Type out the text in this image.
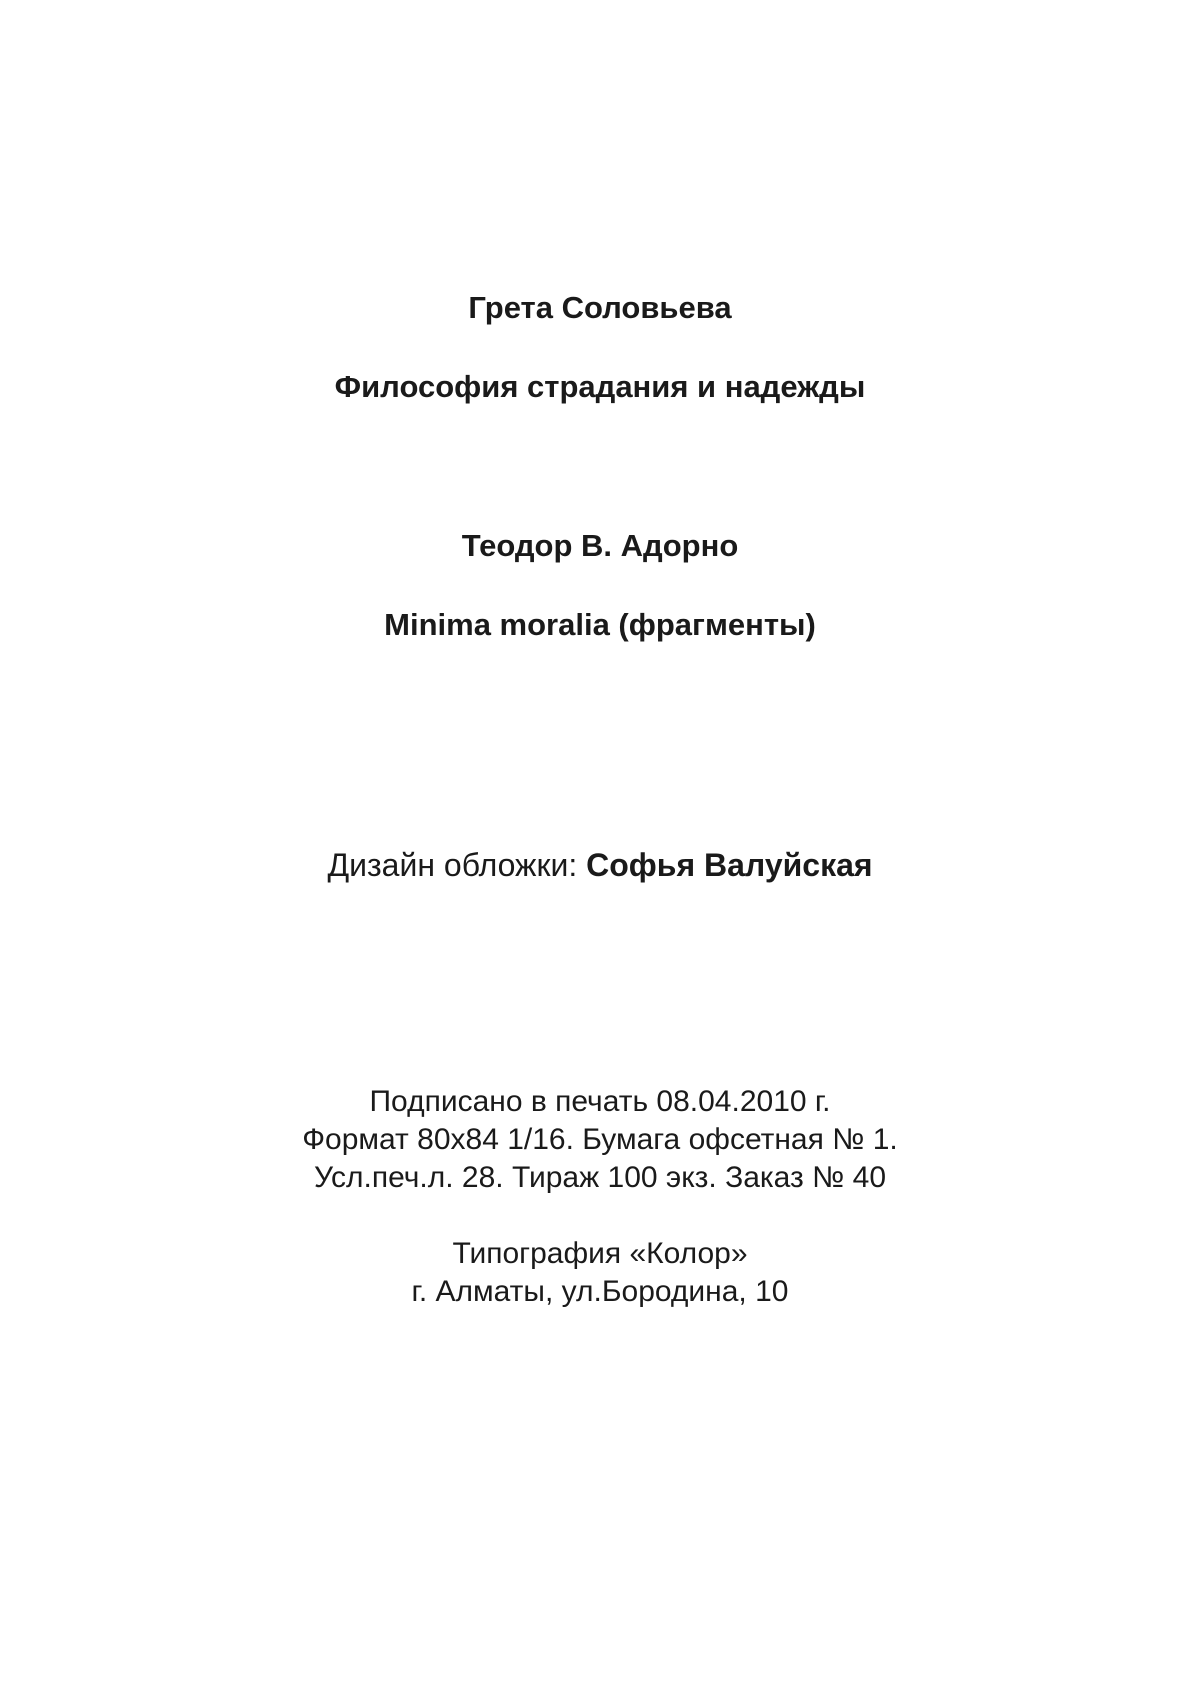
Грета Соловьева
Философия страдания и надежды
Теодор В. Адорно
Minima moralia (фрагменты)
Дизайн обложки: Софья Валуйская
Подписано в печать 08.04.2010 г.
Формат 80x84 1/16. Бумага офсетная № 1.
Усл.печ.л. 28. Тираж 100 экз. Заказ № 40
Типография «Колор»
г. Алматы, ул.Бородина, 10
